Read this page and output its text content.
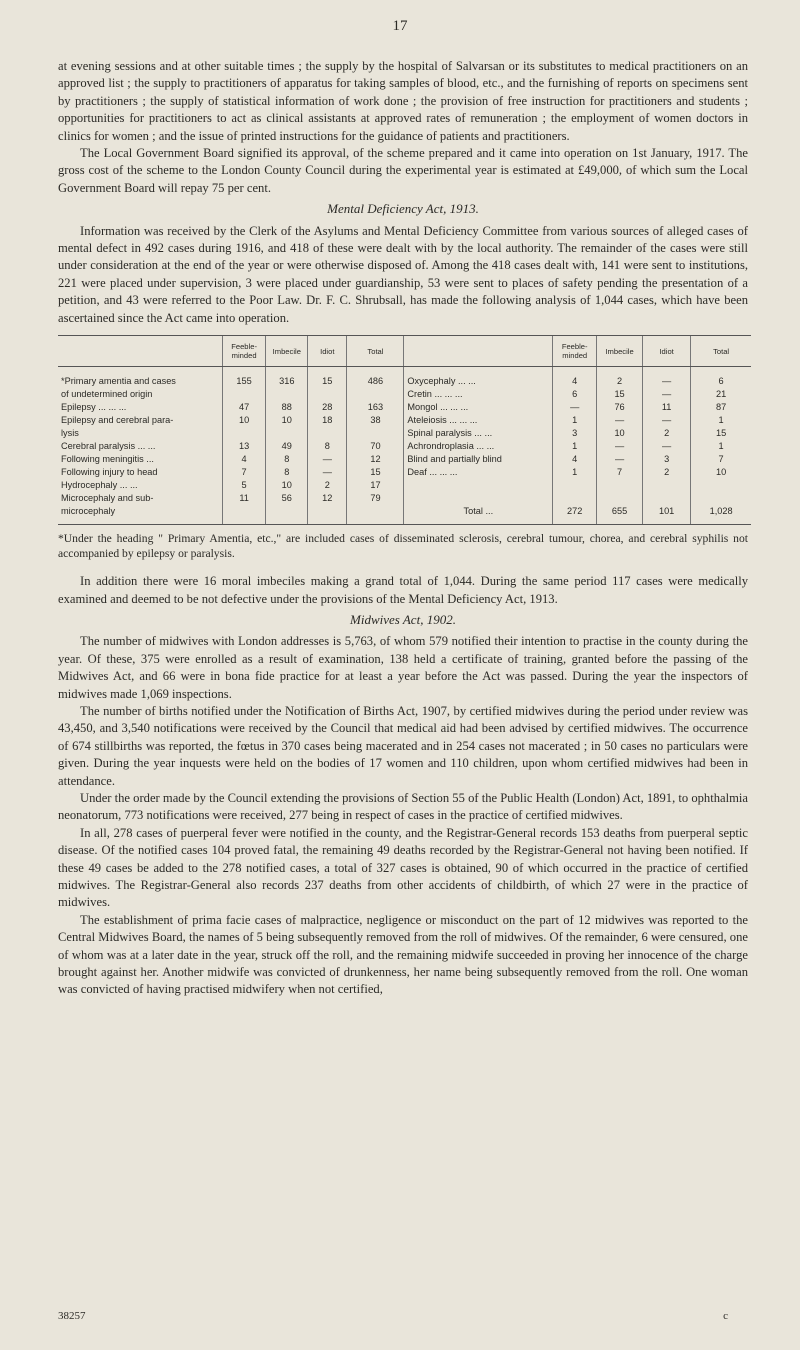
17

at evening sessions and at other suitable times ; the supply by the hospital of Salvarsan or its substitutes to medical practitioners on an approved list ; the supply to practitioners of apparatus for taking samples of blood, etc., and the furnishing of reports on specimens sent by practitioners ; the supply of statistical information of work done ; the provision of free instruction for practitioners and students ; opportunities for practitioners to act as clinical assistants at approved rates of remuneration ; the employment of women doctors in clinics for women ; and the issue of printed instructions for the guidance of patients and practitioners.

The Local Government Board signified its approval, of the scheme prepared and it came into operation on 1st January, 1917. The gross cost of the scheme to the London County Council during the experimental year is estimated at £49,000, of which sum the Local Government Board will repay 75 per cent.

Mental Deficiency Act, 1913.

Information was received by the Clerk of the Asylums and Mental Deficiency Committee from various sources of alleged cases of mental defect in 492 cases during 1916, and 418 of these were dealt with by the local authority. The remainder of the cases were still under consideration at the end of the year or were otherwise disposed of. Among the 418 cases dealt with, 141 were sent to institutions, 221 were placed under supervision, 3 were placed under guardianship, 53 were sent to places of safety pending the presentation of a petition, and 43 were referred to the Poor Law. Dr. F. C. Shrubsall, has made the following analysis of 1,044 cases, which have been ascertained since the Act came into operation.

	Feeble-minded	Imbecile	Idiot	Total		Feeble-minded	Imbecile	Idiot	Total
*Primary amentia and cases	155	316	15	486	Oxycephaly ... ...	4	2	—	6
of undetermined origin					Cretin ... ... ...	6	15	—	21
Epilepsy ... ... ...	47	88	28	163	Mongol ... ... ...	—	76	11	87
Epilepsy and cerebral para-	10	10	18	38	Ateleiosis ... ... ...	1	—	—	1
lysis					Spinal paralysis ... ...	3	10	2	15
Cerebral paralysis ... ...	13	49	8	70	Achrondroplasia ... ...	1	—	—	1
Following meningitis ...	4	8	—	12	Blind and partially blind	4	—	3	7
Following injury to head	7	8	—	15	Deaf ... ... ...	1	7	2	10
Hydrocephaly ... ...	5	10	2	17					
Microcephaly and sub-	11	56	12	79					
microcephaly					Total ...	272	655	101	1,028

*Under the heading " Primary Amentia, etc.," are included cases of disseminated sclerosis, cerebral tumour, chorea, and cerebral syphilis not accompanied by epilepsy or paralysis.

In addition there were 16 moral imbeciles making a grand total of 1,044. During the same period 117 cases were medically examined and deemed to be not defective under the provisions of the Mental Deficiency Act, 1913.

Midwives Act, 1902.

The number of midwives with London addresses is 5,763, of whom 579 notified their intention to practise in the county during the year. Of these, 375 were enrolled as a result of examination, 138 held a certificate of training, granted before the passing of the Midwives Act, and 66 were in bona fide practice for at least a year before the Act was passed. During the year the inspectors of midwives made 1,069 inspections.

The number of births notified under the Notification of Births Act, 1907, by certified midwives during the period under review was 43,450, and 3,540 notifications were received by the Council that medical aid had been advised by certified midwives. The occurrence of 674 stillbirths was reported, the fœtus in 370 cases being macerated and in 254 cases not macerated ; in 50 cases no particulars were given. During the year inquests were held on the bodies of 17 women and 110 children, upon whom certified midwives had been in attendance.

Under the order made by the Council extending the provisions of Section 55 of the Public Health (London) Act, 1891, to ophthalmia neonatorum, 773 notifications were received, 277 being in respect of cases in the practice of certified midwives.

In all, 278 cases of puerperal fever were notified in the county, and the Registrar-General records 153 deaths from puerperal septic disease. Of the notified cases 104 proved fatal, the remaining 49 deaths recorded by the Registrar-General not having been notified. If these 49 cases be added to the 278 notified cases, a total of 327 cases is obtained, 90 of which occurred in the practice of certified midwives. The Registrar-General also records 237 deaths from other accidents of childbirth, of which 27 were in the practice of midwives.

The establishment of prima facie cases of malpractice, negligence or misconduct on the part of 12 midwives was reported to the Central Midwives Board, the names of 5 being subsequently removed from the roll of midwives. Of the remainder, 6 were censured, one of whom was at a later date in the year, struck off the roll, and the remaining midwife succeeded in proving her innocence of the charge brought against her. Another midwife was convicted of drunkenness, her name being subsequently removed from the roll. One woman was convicted of having practised midwifery when not certified,

38257	c
